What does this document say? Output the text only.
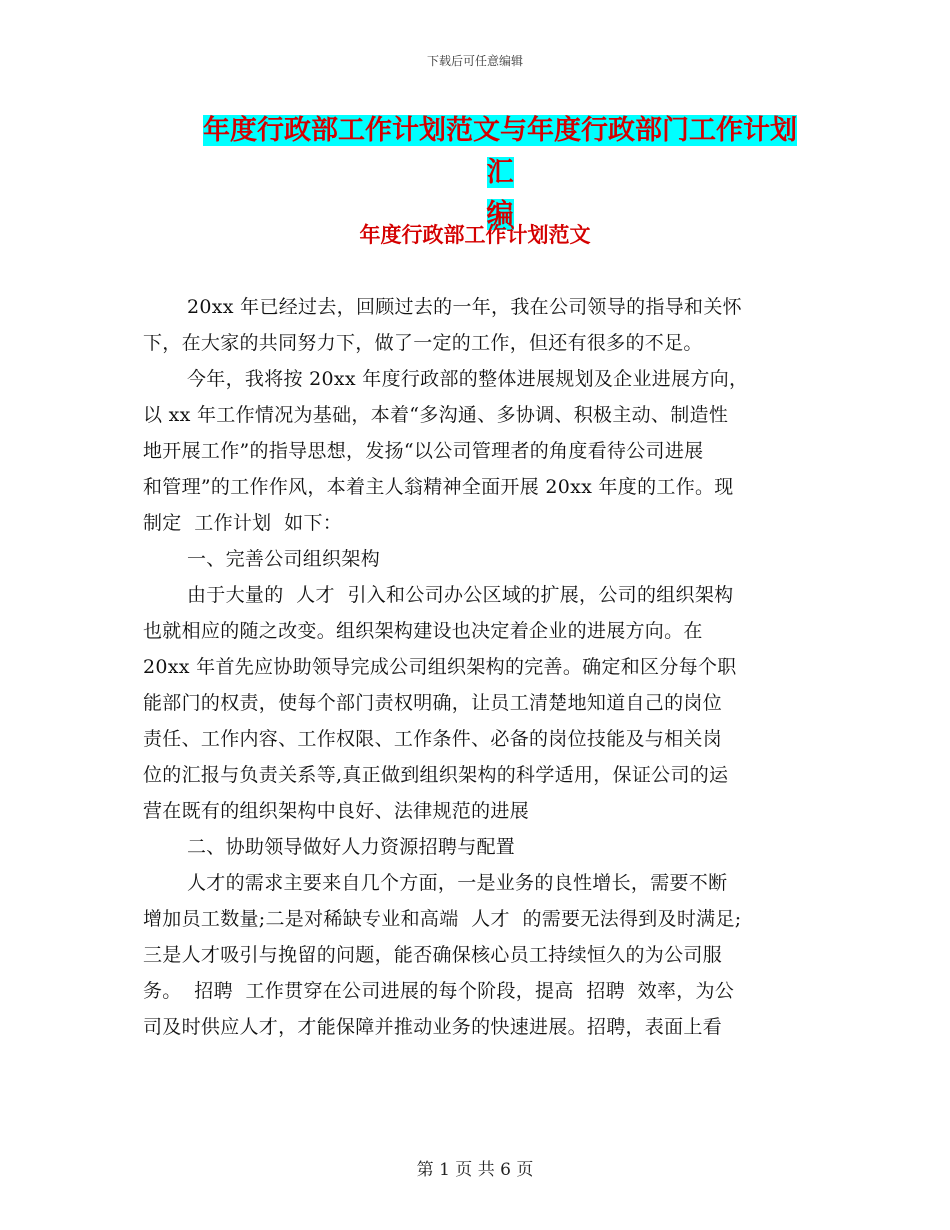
下载后可任意编辑
年度行政部工作计划范文与年度行政部门工作计划汇
编
年度行政部工作计划范文
20xx 年已经过去，回顾过去的一年，我在公司领导的指导和关怀
下，在大家的共同努力下，做了一定的工作，但还有很多的不足。
今年，我将按 20xx 年度行政部的整体进展规划及企业进展方向，
以 xx 年工作情况为基础，本着“多沟通、多协调、积极主动、制造性
地开展工作”的指导思想，发扬“以公司管理者的角度看待公司进展
和管理”的工作作风，本着主人翁精神全面开展 20xx 年度的工作。现
制定  工作计划  如下：
一、完善公司组织架构
由于大量的  人才  引入和公司办公区域的扩展，公司的组织架构
也就相应的随之改变。组织架构建设也决定着企业的进展方向。在
20xx 年首先应协助领导完成公司组织架构的完善。确定和区分每个职
能部门的权责，使每个部门责权明确，让员工清楚地知道自己的岗位
责任、工作内容、工作权限、工作条件、必备的岗位技能及与相关岗
位的汇报与负责关系等,真正做到组织架构的科学适用，保证公司的运
营在既有的组织架构中良好、法律规范的进展
二、协助领导做好人力资源招聘与配置
人才的需求主要来自几个方面，一是业务的良性增长，需要不断
增加员工数量;二是对稀缺专业和高端  人才  的需要无法得到及时满足;
三是人才吸引与挽留的问题，能否确保核心员工持续恒久的为公司服
务。  招聘  工作贯穿在公司进展的每个阶段，提高  招聘  效率，为公
司及时供应人才，才能保障并推动业务的快速进展。招聘，表面上看
第 1 页 共 6 页
